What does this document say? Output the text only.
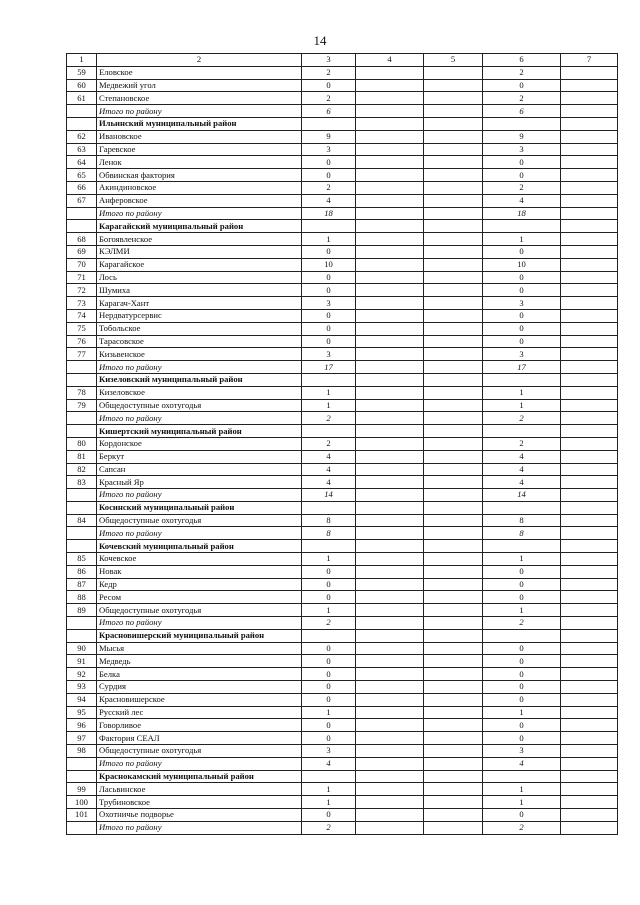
14
1	2	3	4	5	6	7
59	Еловское	2			2	
60	Медвежий угол	0			0	
61	Степановское	2			2	
	Итого по району	6			6	
	Ильинский муниципальный район					
62	Ивановское	9			9	
63	Гаревское	3			3	
64	Ленок	0			0	
65	Обвинская фактория	0			0	
66	Акиндиновское	2			2	
67	Анферовское	4			4	
	Итого по району	18			18	
	Карагайский муниципальный район					
68	Богоявленское	1			1	
69	КЭЛМИ	0			0	
70	Карагайское	10			10	
71	Лось	0			0	
72	Шумиха	0			0	
73	Карагач-Хант	3			3	
74	Нердватурсервис	0			0	
75	Тобольское	0			0	
76	Тарасовское	0			0	
77	Кизьвенское	3			3	
	Итого по району	17			17	
	Кизеловский муниципальный район					
78	Кизеловское	1			1	
79	Общедоступные охотугодья	1			1	
	Итого по району	2			2	
	Кишертский муниципальный район					
80	Кордонское	2			2	
81	Беркут	4			4	
82	Сапсан	4			4	
83	Красный Яр	4			4	
	Итого по району	14			14	
	Косинский муниципальный район					
84	Общедоступные охотугодья	8			8	
	Итого по району	8			8	
	Кочевский муниципальный район					
85	Кочевское	1			1	
86	Новак	0			0	
87	Кедр	0			0	
88	Ресом	0			0	
89	Общедоступные охотугодья	1			1	
	Итого по району	2			2	
	Красновишерский муниципальный район					
90	Мысья	0			0	
91	Медведь	0			0	
92	Белка	0			0	
93	Сурдия	0			0	
94	Красновишерское	0			0	
95	Русский лес	1			1	
96	Говорливое	0			0	
97	Фактория СЕАЛ	0			0	
98	Общедоступные охотугодья	3			3	
	Итого по району	4			4	
	Краснокамский муниципальный район					
99	Ласьвинское	1			1	
100	Трубиновское	1			1	
101	Охотничье подворье	0			0	
	Итого по району	2			2	
